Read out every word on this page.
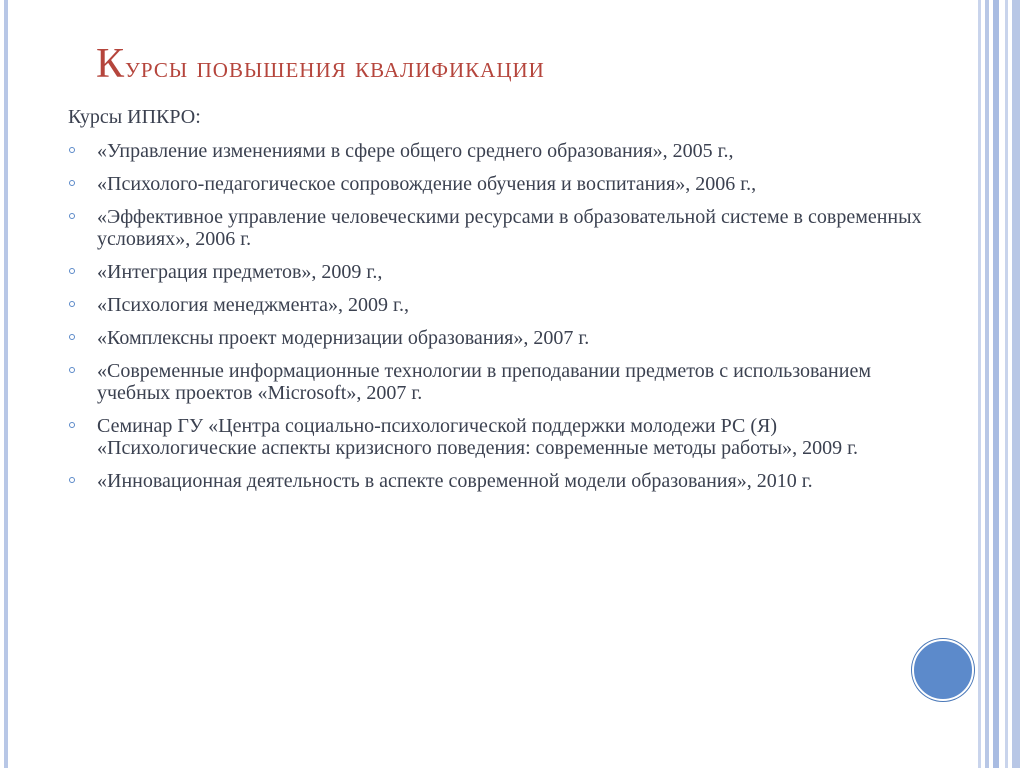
Курсы повышения квалификации
Курсы ИПКРО:
«Управление изменениями в сфере общего среднего образования», 2005 г.,
«Психолого-педагогическое сопровождение обучения и воспитания», 2006 г.,
«Эффективное управление человеческими ресурсами в образовательной системе в современных условиях», 2006 г.
«Интеграция предметов», 2009 г.,
«Психология менеджмента», 2009 г.,
«Комплексны проект модернизации образования», 2007 г.
«Современные информационные технологии в преподавании предметов с использованием учебных проектов «Microsoft», 2007 г.
Семинар ГУ «Центра социально-психологической поддержки молодежи РС (Я) «Психологические аспекты кризисного поведения: современные методы работы», 2009 г.
«Инновационная деятельность в аспекте современной модели образования», 2010 г.
